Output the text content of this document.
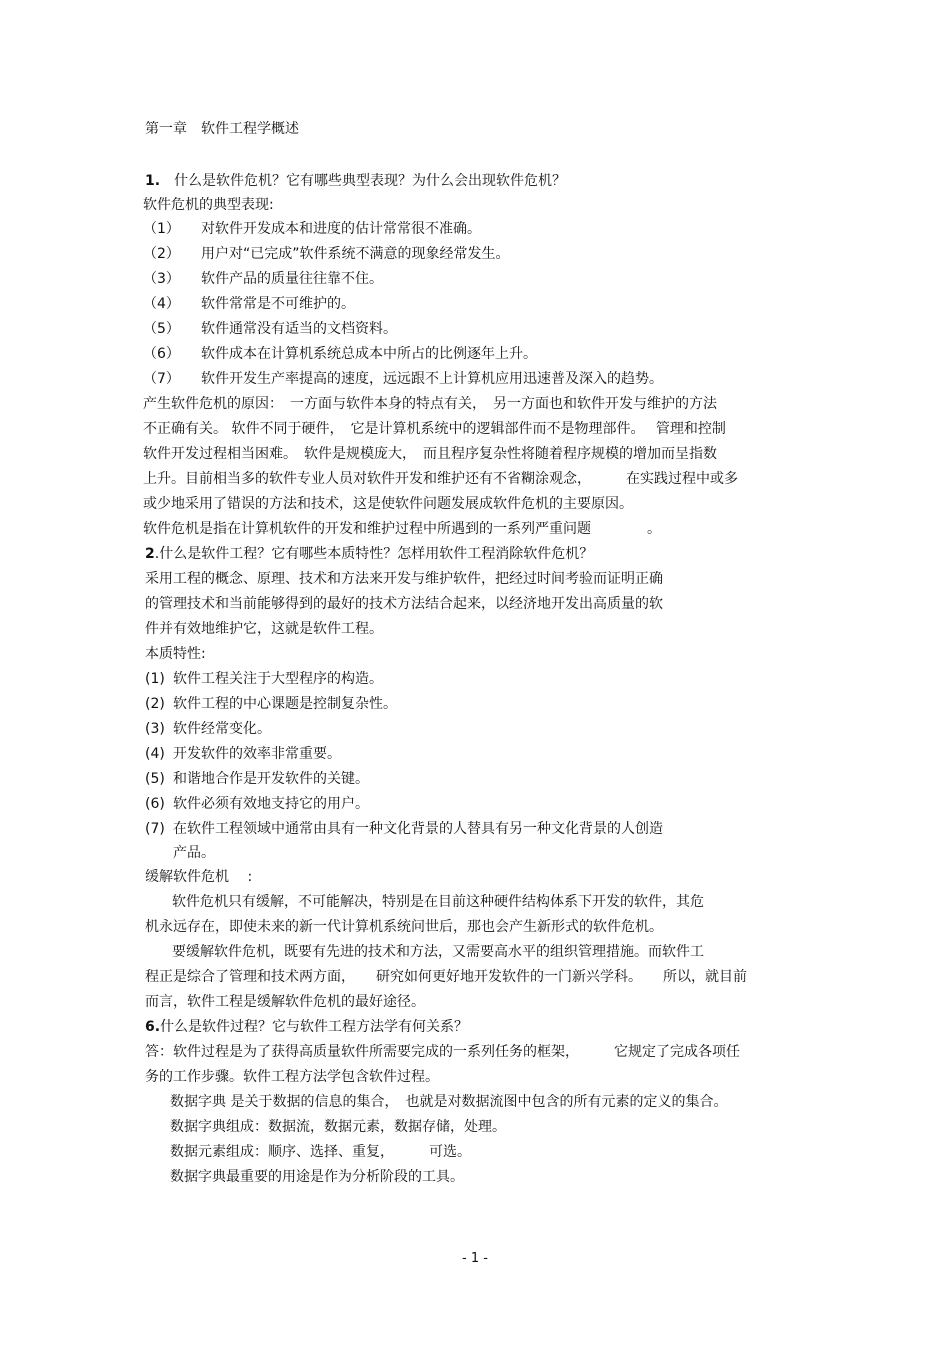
第一章　软件工程学概述
1.　 什么是软件危机？它有哪些典型表现？为什么会出现软件危机？
软件危机的典型表现:
（1） 对软件开发成本和进度的估计常常很不准确。
（2） 用户对“已完成”软件系统不满意的现象经常发生。
（3） 软件产品的质量往往靠不住。
（4） 软件常常是不可维护的。
（5） 软件通常没有适当的文档资料。
（6） 软件成本在计算机系统总成本中所占的比例逐年上升。
（7） 软件开发生产率提高的速度，远远跟不上计算机应用迅速普及深入的趋势。
产生软件危机的原因：　一方面与软件本身的特点有关，　另一方面也和软件开发与维护的方法
不正确有关。 软件不同于硬件，　它是计算机系统中的逻辑部件而不是物理部件。　 管理和控制
软件开发过程相当困难。　软件是规模庞大，　而且程序复杂性将随着程序规模的增加而呈指数
上升。目前相当多的软件专业人员对软件开发和维护还有不省糊涂观念，　　　在实践过程中或多
或少地采用了错误的方法和技术，这是使软件问题发展成软件危机的主要原因。
软件危机是指在计算机软件的开发和维护过程中所遇到的一系列严重问题　　　　。
2.什么是软件工程？它有哪些本质特性？怎样用软件工程消除软件危机？
采用工程的概念、原理、技术和方法来开发与维护软件，把经过时间考验而证明正确
的管理技术和当前能够得到的最好的技术方法结合起来，以经济地开发出高质量的软
件并有效地维护它，这就是软件工程。
本质特性:
(1) 软件工程关注于大型程序的构造。
(2) 软件工程的中心课题是控制复杂性。
(3) 软件经常变化。
(4) 开发软件的效率非常重要。
(5) 和谐地合作是开发软件的关键。
(6) 软件必须有效地支持它的用户。
(7) 在软件工程领域中通常由具有一种文化背景的人替具有另一种文化背景的人创造
产品。
缓解软件危机　 :
软件危机只有缓解，不可能解决，特别是在目前这种硬件结构体系下开发的软件，其危
机永远存在，即使未来的新一代计算机系统问世后，那也会产生新形式的软件危机。
要缓解软件危机，既要有先进的技术和方法，又需要高水平的组织管理措施。而软件工
程正是综合了管理和技术两方面，　　研究如何更好地开发软件的一门新兴学科。　　所以，就目前
而言，软件工程是缓解软件危机的最好途径。
6.什么是软件过程？它与软件工程方法学有何关系？
答：软件过程是为了获得高质量软件所需要完成的一系列任务的框架，　　　它规定了完成各项任
务的工作步骤。软件工程方法学包含软件过程。
数据字典 是关于数据的信息的集合，　也就是对数据流图中包含的所有元素的定义的集合。
数据字典组成：数据流，数据元素，数据存储，处理。
数据元素组成：顺序、选择、重复，　　　可选。
数据字典最重要的用途是作为分析阶段的工具。
- 1 -
